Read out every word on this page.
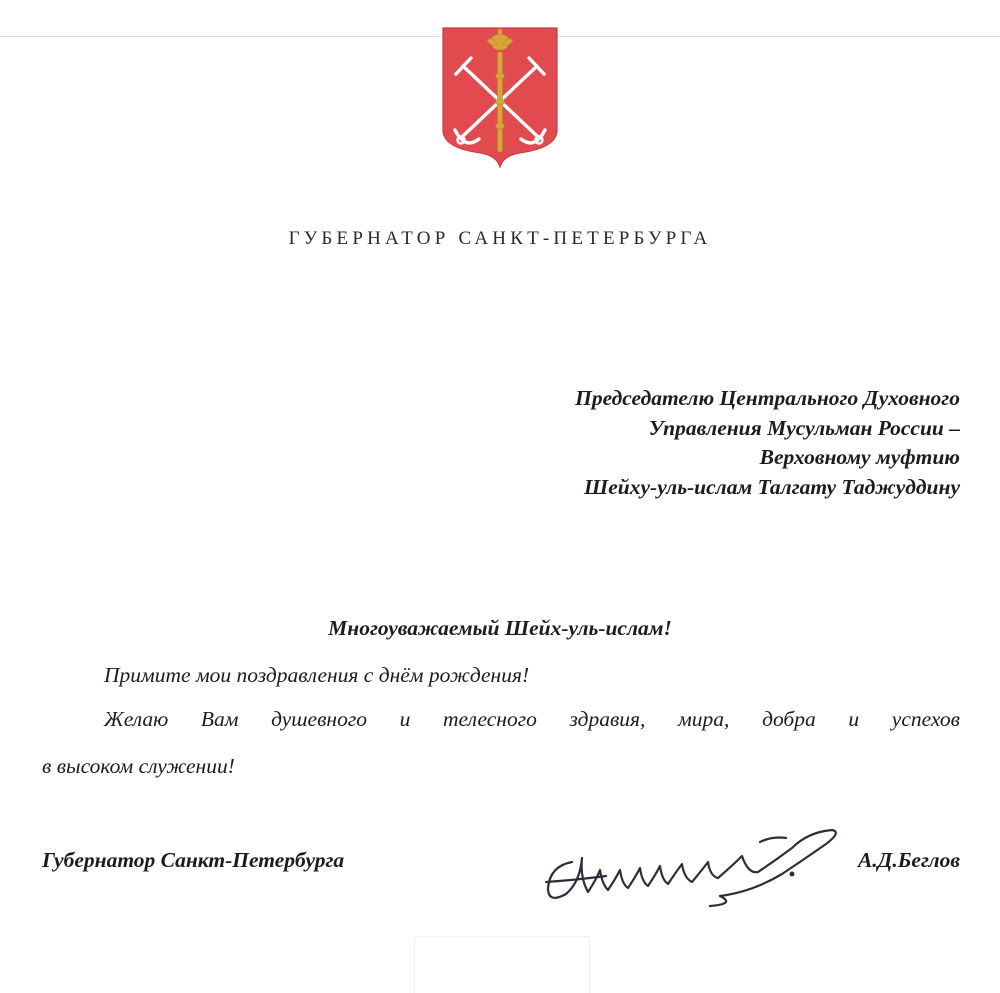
ГУБЕРНАТОР САНКТ-ПЕТЕРБУРГА
Председателю Центрального Духовного
Управления Мусульман России –
Верховному муфтию
Шейху-уль-ислам Талгату Таджуддину
Многоуважаемый Шейх-уль-ислам!
Примите мои поздравления с днём рождения!
Желаю Вам душевного и телесного здравия, мира, добра и успехов
в высоком служении!
Губернатор Санкт-Петербурга	А.Д.Беглов
